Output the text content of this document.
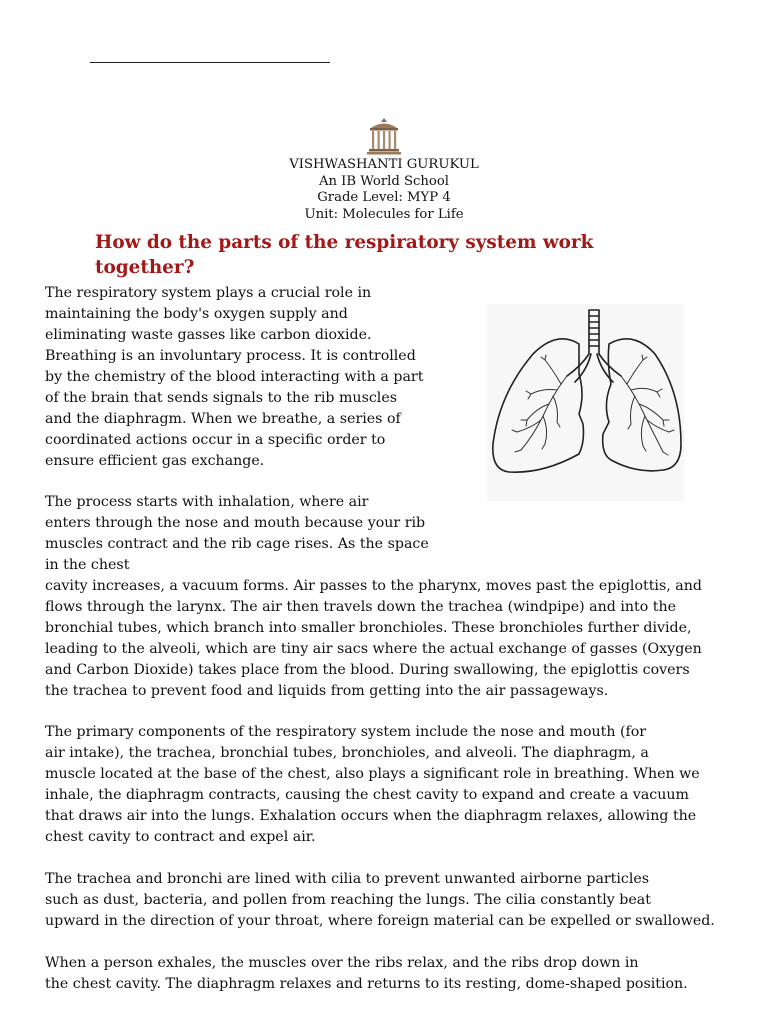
VISHWASHANTI GURUKUL
An IB World School
Grade Level: MYP 4
Unit: Molecules for Life
How do the parts of the respiratory system work together?

The respiratory system plays a crucial role in
maintaining the body's oxygen supply and
eliminating waste gasses like carbon dioxide.
Breathing is an involuntary process. It is controlled
by the chemistry of the blood interacting with a part
of the brain that sends signals to the rib muscles
and the diaphragm. When we breathe, a series of
coordinated actions occur in a specific order to
ensure efficient gas exchange.

The process starts with inhalation, where air
enters through the nose and mouth because your rib
muscles contract and the rib cage rises. As the space
in the chest
cavity increases, a vacuum forms. Air passes to the pharynx, moves past the epiglottis, and
flows through the larynx. The air then travels down the trachea (windpipe) and into the
bronchial tubes, which branch into smaller bronchioles. These bronchioles further divide,
leading to the alveoli, which are tiny air sacs where the actual exchange of gasses (Oxygen
and Carbon Dioxide) takes place from the blood. During swallowing, the epiglottis covers
the trachea to prevent food and liquids from getting into the air passageways.

The primary components of the respiratory system include the nose and mouth (for
air intake), the trachea, bronchial tubes, bronchioles, and alveoli. The diaphragm, a
muscle located at the base of the chest, also plays a significant role in breathing. When we
inhale, the diaphragm contracts, causing the chest cavity to expand and create a vacuum
that draws air into the lungs. Exhalation occurs when the diaphragm relaxes, allowing the
chest cavity to contract and expel air.

The trachea and bronchi are lined with cilia to prevent unwanted airborne particles
such as dust, bacteria, and pollen from reaching the lungs. The cilia constantly beat
upward in the direction of your throat, where foreign material can be expelled or swallowed.

When a person exhales, the muscles over the ribs relax, and the ribs drop down in
the chest cavity. The diaphragm relaxes and returns to its resting, dome-shaped position.
